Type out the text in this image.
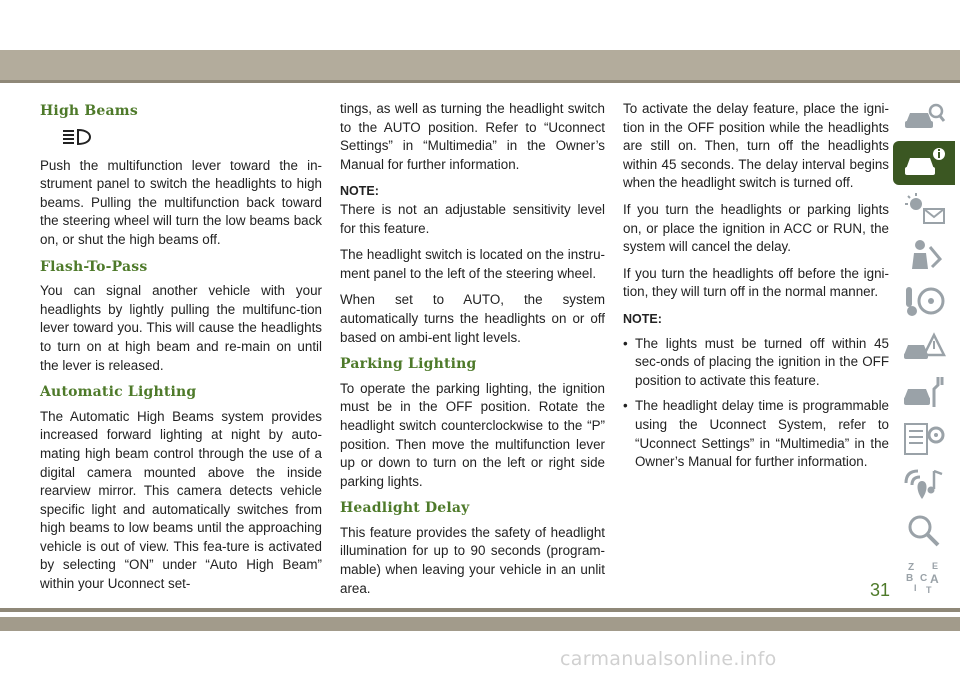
High Beams

Push the multifunction lever toward the in-strument panel to switch the headlights to high beams. Pulling the multifunction back toward the steering wheel will turn the low beams back on, or shut the high beams off.

Flash-To-Pass

You can signal another vehicle with your headlights by lightly pulling the multifunc-tion lever toward you. This will cause the headlights to turn on at high beam and re-main on until the lever is released.

Automatic Lighting

The Automatic High Beams system provides increased forward lighting at night by auto-mating high beam control through the use of a digital camera mounted above the inside rearview mirror. This camera detects vehicle specific light and automatically switches from high beams to low beams until the approaching vehicle is out of view. This fea-ture is activated by selecting “ON” under “Auto High Beam” within your Uconnect set-

tings, as well as turning the headlight switch to the AUTO position. Refer to “Uconnect Settings” in “Multimedia” in the Owner’s Manual for further information.

NOTE:

There is not an adjustable sensitivity level for this feature.

The headlight switch is located on the instru-ment panel to the left of the steering wheel.

When set to AUTO, the system automatically turns the headlights on or off based on ambi-ent light levels.

Parking Lighting

To operate the parking lighting, the ignition must be in the OFF position. Rotate the headlight switch counterclockwise to the “P” position. Then move the multifunction lever up or down to turn on the left or right side parking lights.

Headlight Delay

This feature provides the safety of headlight illumination for up to 90 seconds (program-mable) when leaving your vehicle in an unlit area.

To activate the delay feature, place the igni-tion in the OFF position while the headlights are still on. Then, turn off the headlights within 45 seconds. The delay interval begins when the headlight switch is turned off.

If you turn the headlights or parking lights on, or place the ignition in ACC or RUN, the system will cancel the delay.

If you turn the headlights off before the igni-tion, they will turn off in the normal manner.

NOTE:
• The lights must be turned off within 45 sec-onds of placing the ignition in the OFF position to activate this feature.
• The headlight delay time is programmable using the Uconnect System, refer to “Uconnect Settings” in “Multimedia” in the Owner’s Manual for further information.
Z E
B A
I
C
T
31
carmanualsonline.info
